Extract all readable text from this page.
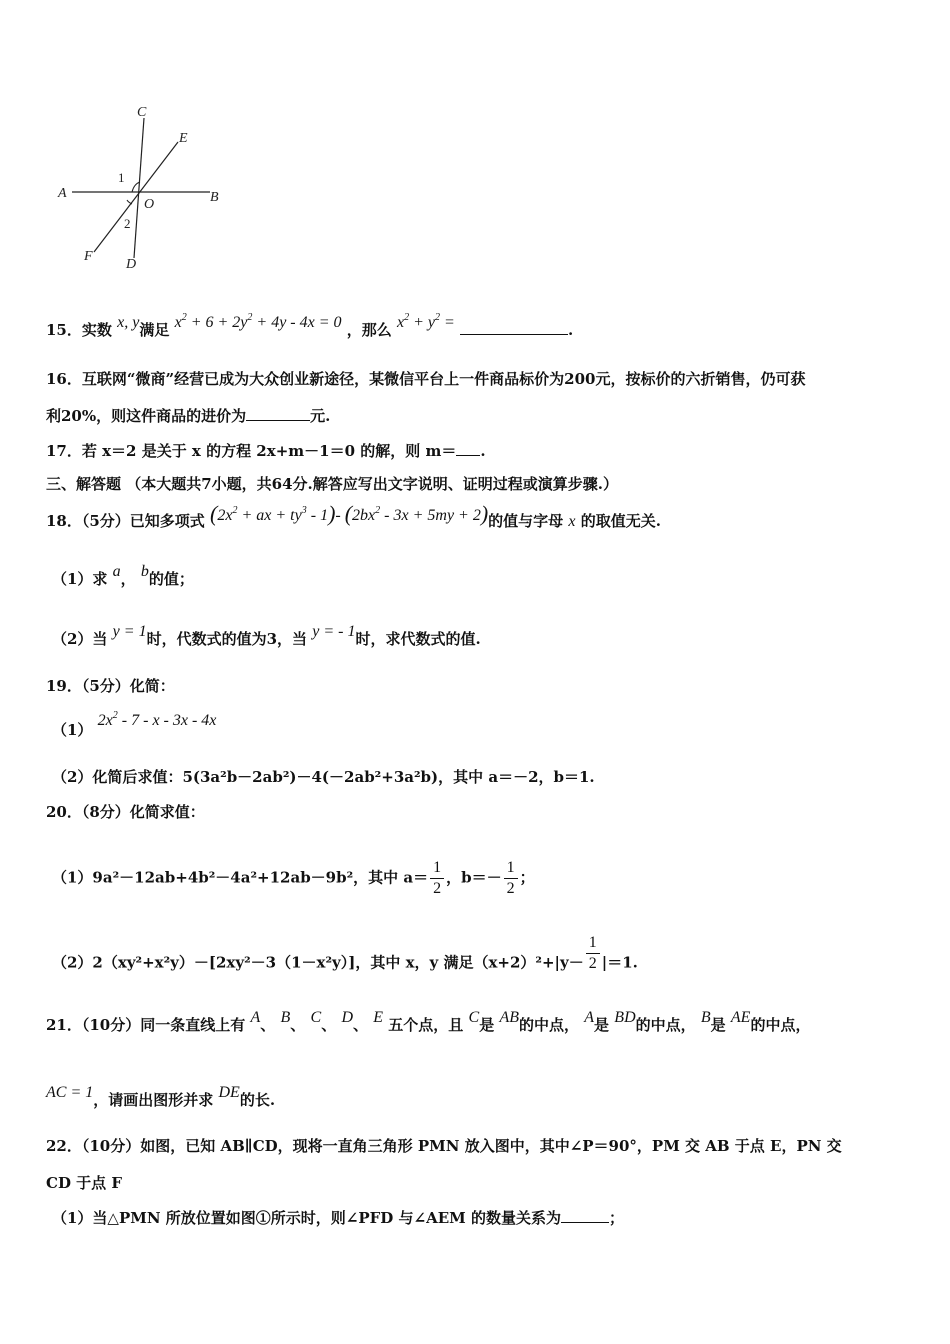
C
E
A	B
O
F
D
1
2
15．实数 x, y满足 $x^2 + 6 + 2y^2 + 4y - 4x = 0$ ，那么 $x^2 + y^2$ =	.
16．互联网“微商”经营已成为大众创业新途径，某微信平台上一件商品标价为200元，按标价的六折销售，仍可获
利20%，则这件商品的进价为	元.
17．若 x＝2 是关于 x 的方程 2x+m－1＝0 的解，则 m＝ .
三、解答题 （本大题共7小题，共64分.解答应写出文字说明、证明过程或演算步骤.）
18．（5分）已知多项式 ($2x^2$ + ax + $ty^3 - 1)-$ $(2bx^2 - 3x + 5my + 2)$的值与字母 x 的取值无关.
（1）求 a， b的值；
（2）当 y = 1时，代数式的值为3，当 y = - 1时，求代数式的值.
19．（5分）化简：
（1） $2x^2 - 7$ - x - 3x - 4x
（2）化简后求值：5(3a²b－2ab²)－4(－2ab²+3a²b)，其中 a＝－2，b＝1.
20．（8分）化简求值：
（1）9a²－12ab+4b²－4a²+12ab－9b²，其中 $a= \frac{1}{2}$ ，$b=- \frac{1}{2}$ ；
（2）2（xy²+x²y）－[2xy²－3（1－x²y）]，其中 x，y 满足$(x+2)^2+|y- \frac{1}{2} |=1$.
21．（10分）同一条直线上有 A、 B、 C、 D、 E 五个点，且 C是 AB的中点， A是 BD的中点， B是 AE的中点，
AC = 1，请画出图形并求 DE的长.
22．（10分）如图，已知 AB∥CD，现将一直角三角形 PMN 放入图中，其中∠P＝90°，PM 交 AB 于点 E，PN 交
CD 于点 F
（1）当△PMN 所放位置如图①所示时，则∠PFD 与∠AEM 的数量关系为	；
